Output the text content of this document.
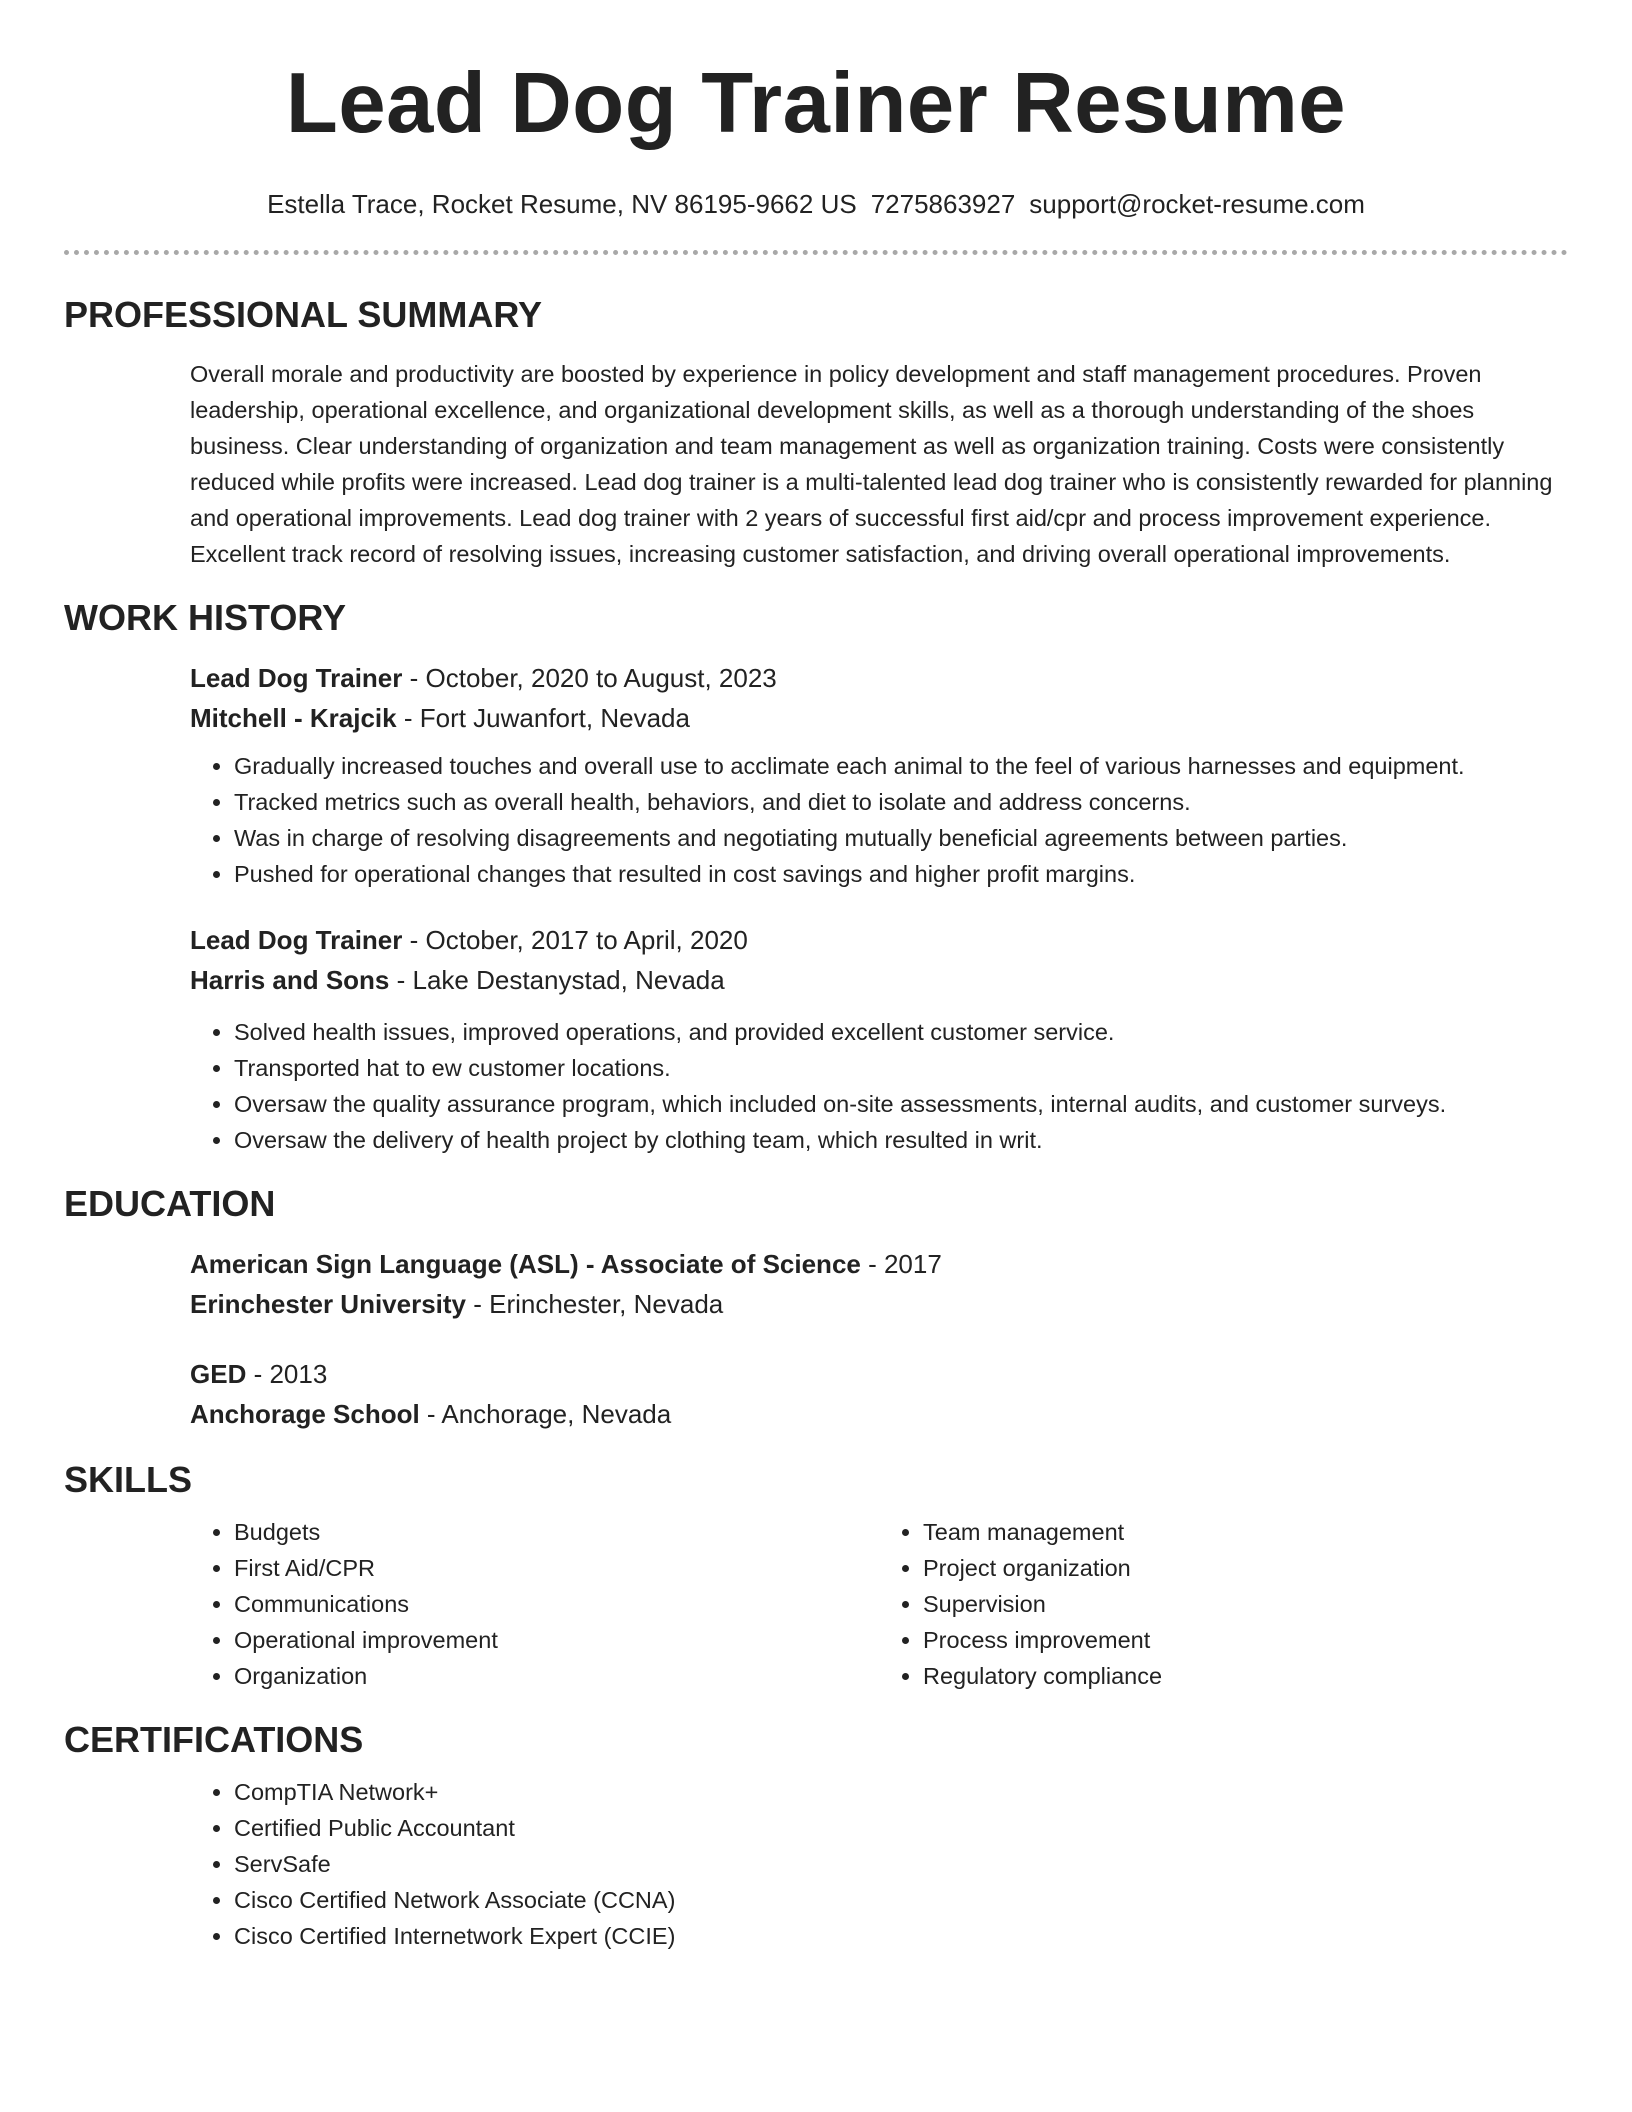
Lead Dog Trainer Resume
Estella Trace, Rocket Resume, NV 86195-9662 US 7275863927 support@rocket-resume.com
PROFESSIONAL SUMMARY

Overall morale and productivity are boosted by experience in policy development and staff management procedures. Proven leadership, operational excellence, and organizational development skills, as well as a thorough understanding of the shoes business. Clear understanding of organization and team management as well as organization training. Costs were consistently reduced while profits were increased. Lead dog trainer is a multi-talented lead dog trainer who is consistently rewarded for planning and operational improvements. Lead dog trainer with 2 years of successful first aid/cpr and process improvement experience. Excellent track record of resolving issues, increasing customer satisfaction, and driving overall operational improvements.

WORK HISTORY
Lead Dog Trainer - October, 2020 to August, 2023
Mitchell - Krajcik - Fort Juwanfort, Nevada
• Gradually increased touches and overall use to acclimate each animal to the feel of various harnesses and equipment.
• Tracked metrics such as overall health, behaviors, and diet to isolate and address concerns.
• Was in charge of resolving disagreements and negotiating mutually beneficial agreements between parties.
• Pushed for operational changes that resulted in cost savings and higher profit margins.
Lead Dog Trainer - October, 2017 to April, 2020
Harris and Sons - Lake Destanystad, Nevada
• Solved health issues, improved operations, and provided excellent customer service.
• Transported hat to ew customer locations.
• Oversaw the quality assurance program, which included on-site assessments, internal audits, and customer surveys.
• Oversaw the delivery of health project by clothing team, which resulted in writ.
EDUCATION
American Sign Language (ASL) - Associate of Science - 2017
Erinchester University - Erinchester, Nevada
GED - 2013
Anchorage School - Anchorage, Nevada
SKILLS
• Budgets
• First Aid/CPR
• Communications
• Operational improvement
• Organization
• Team management
• Project organization
• Supervision
• Process improvement
• Regulatory compliance
CERTIFICATIONS
• CompTIA Network+
• Certified Public Accountant
• ServSafe
• Cisco Certified Network Associate (CCNA)
• Cisco Certified Internetwork Expert (CCIE)
